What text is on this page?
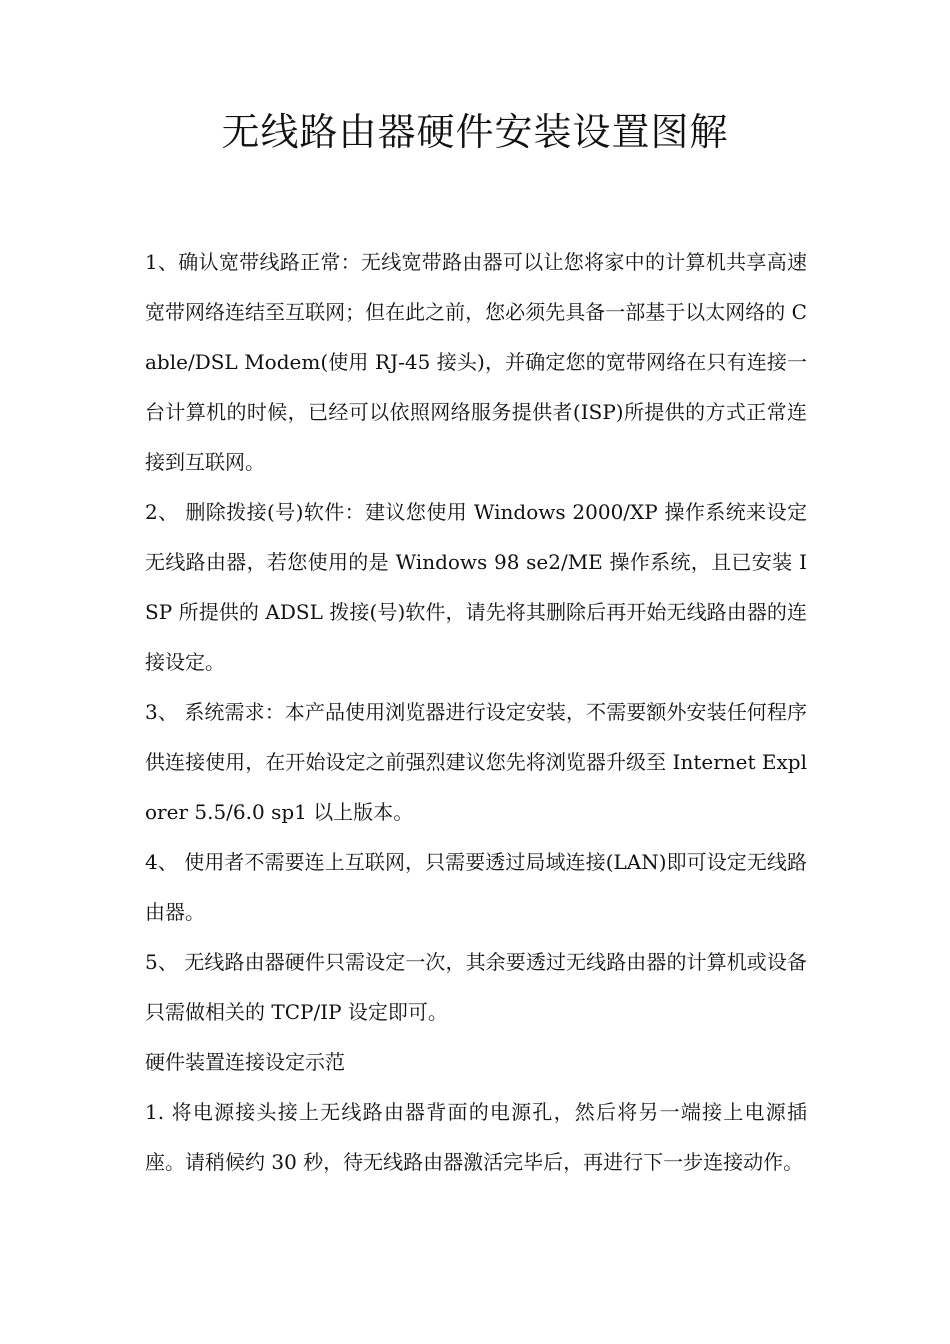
无线路由器硬件安装设置图解

1、确认宽带线路正常：无线宽带路由器可以让您将家中的计算机共享高速宽带网络连结至互联网；但在此之前，您必须先具备一部基于以太网络的 Cable/DSL Modem(使用 RJ-45 接头)，并确定您的宽带网络在只有连接一台计算机的时候，已经可以依照网络服务提供者(ISP)所提供的方式正常连接到互联网。

2、 删除拨接(号)软件：建议您使用 Windows 2000/XP 操作系统来设定无线路由器，若您使用的是 Windows 98 se2/ME 操作系统，且已安装 ISP 所提供的 ADSL 拨接(号)软件，请先将其删除后再开始无线路由器的连接设定。

3、 系统需求：本产品使用浏览器进行设定安装，不需要额外安装任何程序供连接使用，在开始设定之前强烈建议您先将浏览器升级至 Internet Explorer 5.5/6.0 sp1 以上版本。

4、 使用者不需要连上互联网，只需要透过局域连接(LAN)即可设定无线路由器。

5、 无线路由器硬件只需设定一次，其余要透过无线路由器的计算机或设备只需做相关的 TCP/IP 设定即可。

硬件装置连接设定示范

1. 将电源接头接上无线路由器背面的电源孔，然后将另一端接上电源插座。请稍候约 30 秒，待无线路由器激活完毕后，再进行下一步连接动作。
